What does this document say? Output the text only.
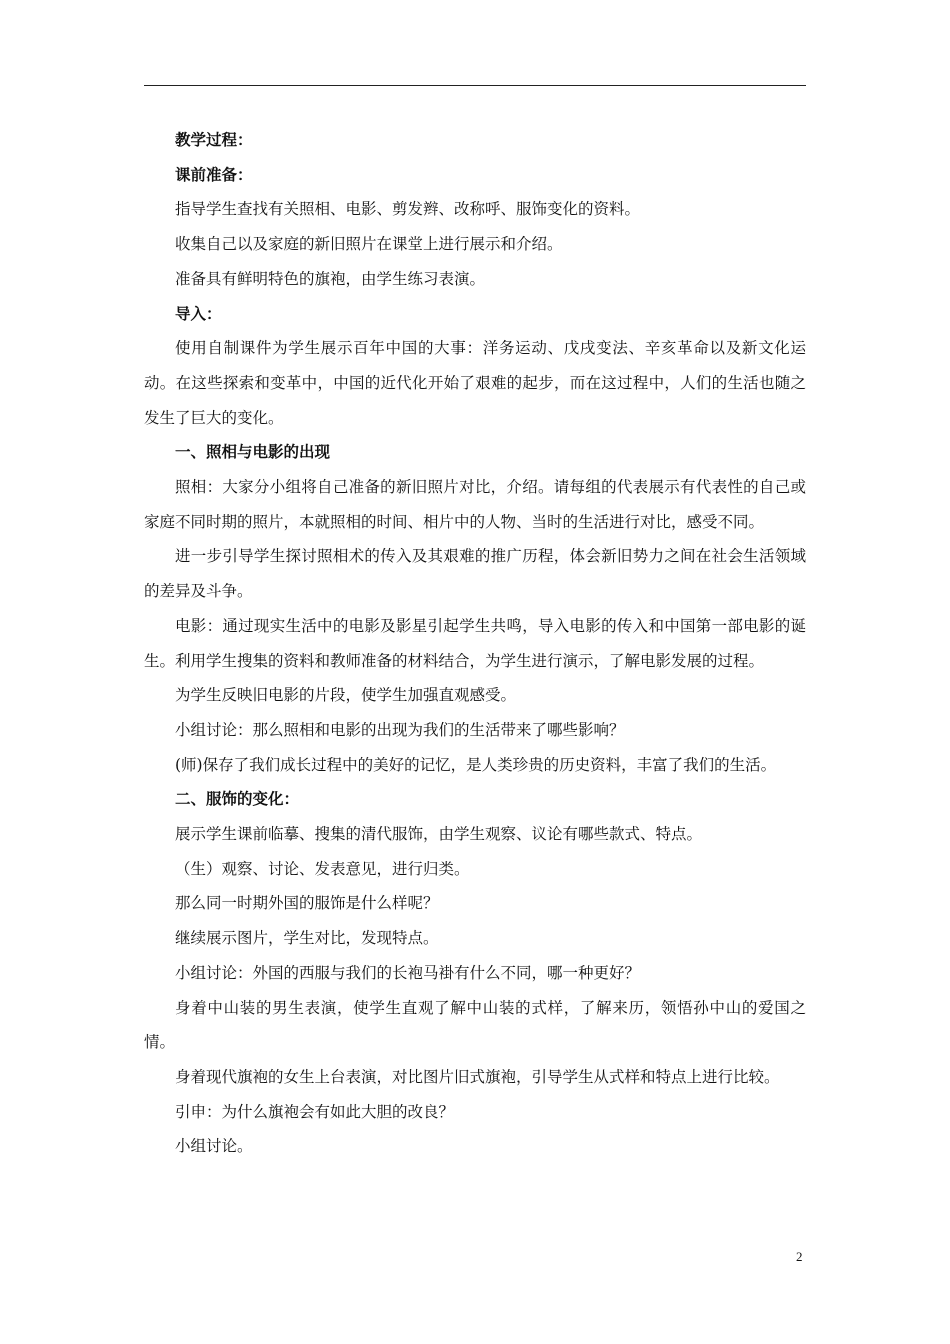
教学过程：

课前准备：

指导学生查找有关照相、电影、剪发辫、改称呼、服饰变化的资料。

收集自己以及家庭的新旧照片在课堂上进行展示和介绍。

准备具有鲜明特色的旗袍，由学生练习表演。

导入：

使用自制课件为学生展示百年中国的大事：洋务运动、戊戌变法、辛亥革命以及新文化运动。在这些探索和变革中，中国的近代化开始了艰难的起步，而在这过程中，人们的生活也随之发生了巨大的变化。

一、照相与电影的出现

照相：大家分小组将自己准备的新旧照片对比，介绍。请每组的代表展示有代表性的自己或家庭不同时期的照片，本就照相的时间、相片中的人物、当时的生活进行对比，感受不同。

进一步引导学生探讨照相术的传入及其艰难的推广历程，体会新旧势力之间在社会生活领域的差异及斗争。

电影：通过现实生活中的电影及影星引起学生共鸣，导入电影的传入和中国第一部电影的诞生。利用学生搜集的资料和教师准备的材料结合，为学生进行演示，了解电影发展的过程。

为学生反映旧电影的片段，使学生加强直观感受。

小组讨论：那么照相和电影的出现为我们的生活带来了哪些影响？

(师)保存了我们成长过程中的美好的记忆，是人类珍贵的历史资料，丰富了我们的生活。

二、服饰的变化：

展示学生课前临摹、搜集的清代服饰，由学生观察、议论有哪些款式、特点。

（生）观察、讨论、发表意见，进行归类。

那么同一时期外国的服饰是什么样呢？

继续展示图片，学生对比，发现特点。

小组讨论：外国的西服与我们的长袍马褂有什么不同，哪一种更好？

身着中山装的男生表演，使学生直观了解中山装的式样，了解来历，领悟孙中山的爱国之情。

身着现代旗袍的女生上台表演，对比图片旧式旗袍，引导学生从式样和特点上进行比较。

引申：为什么旗袍会有如此大胆的改良？

小组讨论。

2
